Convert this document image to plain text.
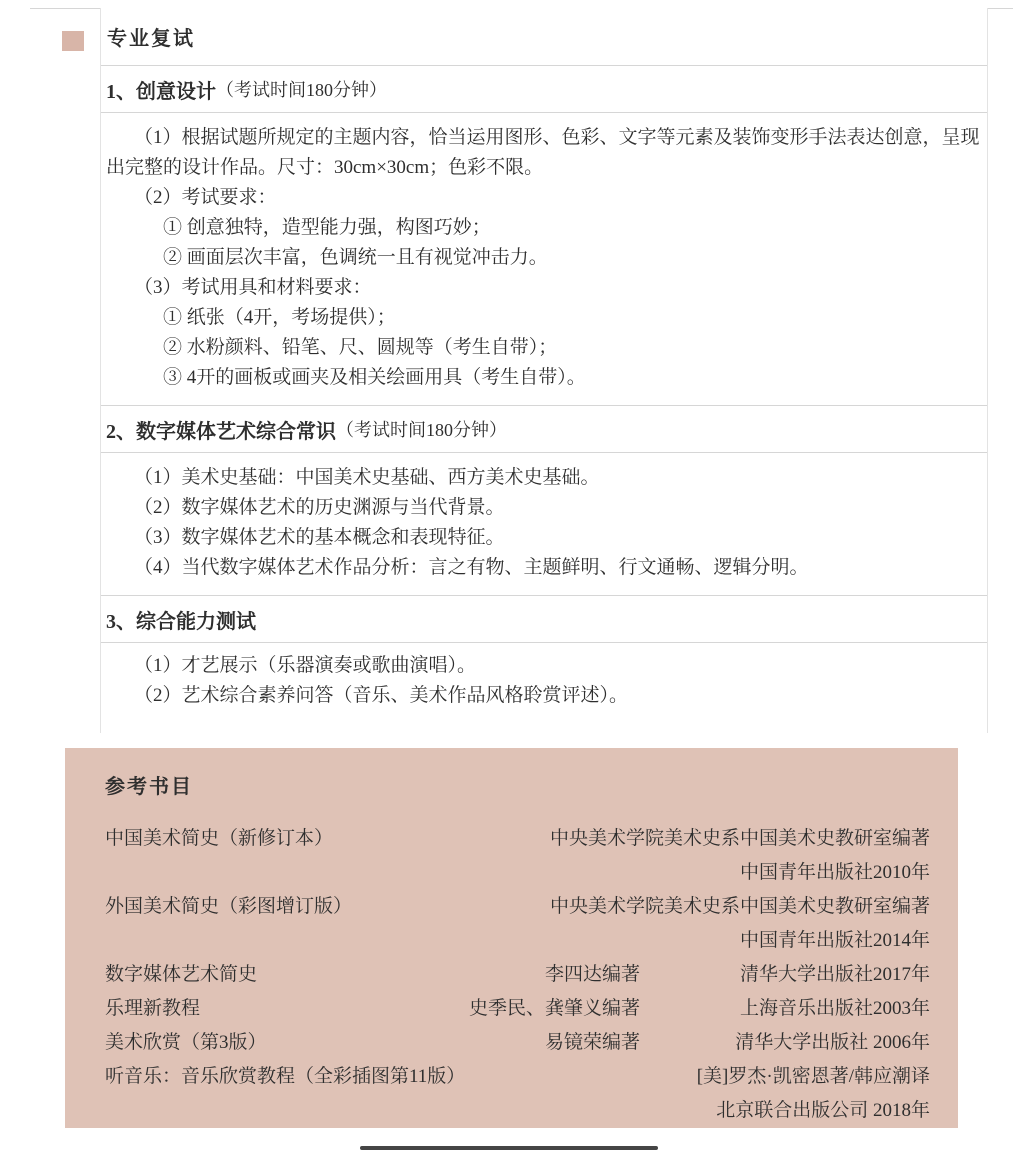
专业复试
1、创意设计 （考试时间180分钟）

（1）根据试题所规定的主题内容，恰当运用图形、色彩、文字等元素及装饰变形手法表达创意，呈现出完整的设计作品。尺寸：30cm×30cm；色彩不限。

（2）考试要求：

① 创意独特，造型能力强，构图巧妙；

② 画面层次丰富，色调统一且有视觉冲击力。

（3）考试用具和材料要求：

① 纸张（4开，考场提供）；

② 水粉颜料、铅笔、尺、圆规等（考生自带）；

③ 4开的画板或画夹及相关绘画用具（考生自带）。

2、数字媒体艺术综合常识 （考试时间180分钟）

（1）美术史基础：中国美术史基础、西方美术史基础。

（2）数字媒体艺术的历史渊源与当代背景。

（3）数字媒体艺术的基本概念和表现特征。

（4）当代数字媒体艺术作品分析：言之有物、主题鲜明、行文通畅、逻辑分明。

3、综合能力测试

（1）才艺展示（乐器演奏或歌曲演唱）。

（2）艺术综合素养问答（音乐、美术作品风格聆赏评述）。

参考书目
中国美术简史（新修订本）	中央美术学院美术史系中国美术史教研室编著
中国青年出版社2010年
外国美术简史（彩图增订版）	中央美术学院美术史系中国美术史教研室编著
中国青年出版社2014年
数字媒体艺术简史	李四达编著	清华大学出版社2017年
乐理新教程	史季民、龚肇义编著	上海音乐出版社2003年
美术欣赏（第3版）	易镜荣编著	清华大学出版社 2006年
听音乐：音乐欣赏教程（全彩插图第11版）	[美]罗杰·凯密恩著/韩应潮译
北京联合出版公司 2018年
